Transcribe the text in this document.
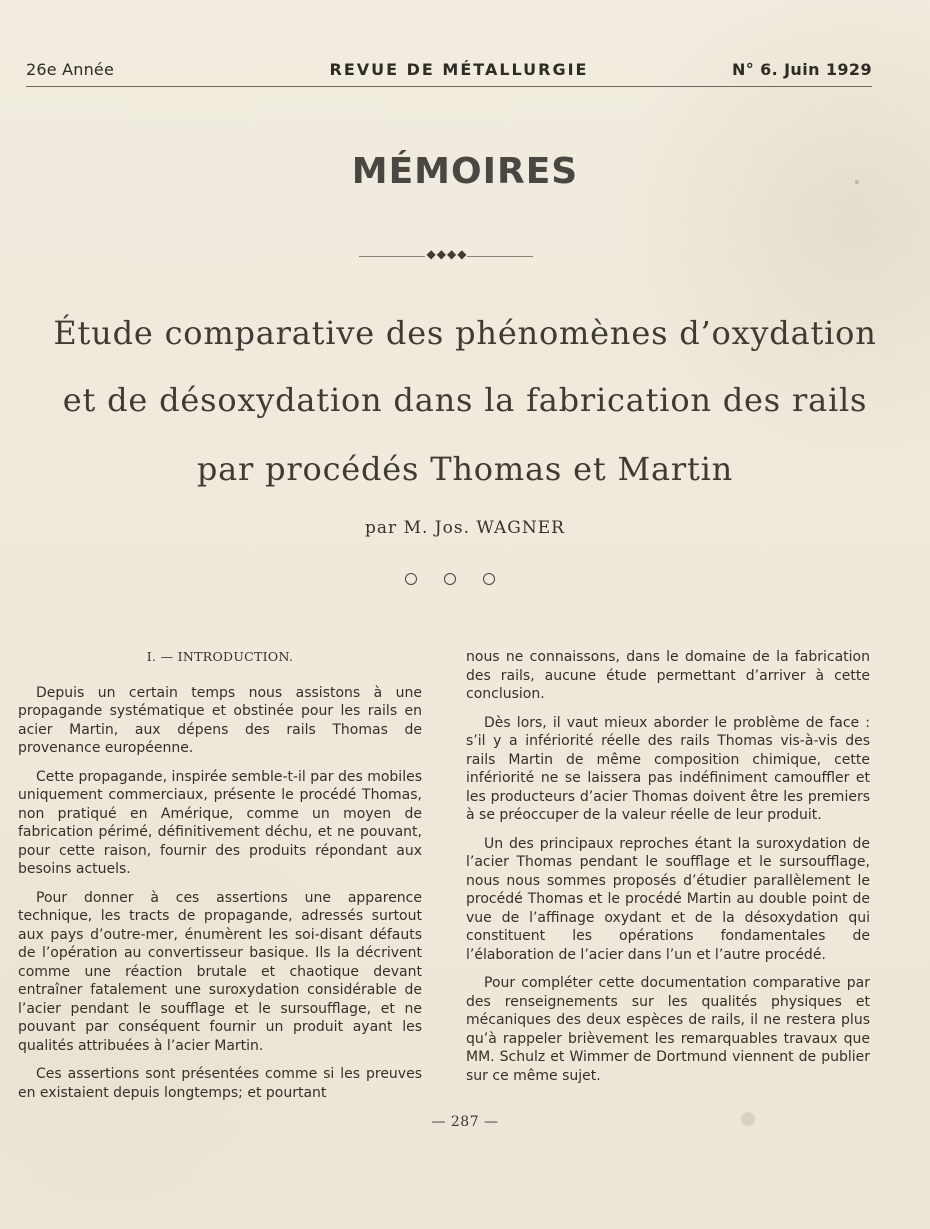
26e Année	REVUE DE MÉTALLURGIE	N° 6. Juin 1929
MÉMOIRES
◆◆◆◆
Étude comparative des phénomènes d’oxydation
et de désoxydation dans la fabrication des rails
par procédés Thomas et Martin
par M. Jos. WAGNER
I. — INTRODUCTION.

Depuis un certain temps nous assistons à une propagande systématique et obstinée pour les rails en acier Martin, aux dépens des rails Thomas de provenance européenne.

Cette propagande, inspirée semble-t-il par des mobiles uniquement commerciaux, présente le procédé Thomas, non pratiqué en Amérique, comme un moyen de fabrication périmé, définitivement déchu, et ne pouvant, pour cette raison, fournir des produits répondant aux besoins actuels.

Pour donner à ces assertions une apparence technique, les tracts de propagande, adressés surtout aux pays d’outre-mer, énumèrent les soi-disant défauts de l’opération au convertisseur basique. Ils la décrivent comme une réaction brutale et chaotique devant entraîner fatalement une suroxydation considérable de l’acier pendant le soufflage et le sursoufflage, et ne pouvant par conséquent fournir un produit ayant les qualités attribuées à l’acier Martin.

Ces assertions sont présentées comme si les preuves en existaient depuis longtemps; et pourtant

nous ne connaissons, dans le domaine de la fabrication des rails, aucune étude permettant d’arriver à cette conclusion.

Dès lors, il vaut mieux aborder le problème de face : s’il y a infériorité réelle des rails Thomas vis-à-vis des rails Martin de même composition chimique, cette infériorité ne se laissera pas indéfiniment camouffler et les producteurs d’acier Thomas doivent être les premiers à se préoccuper de la valeur réelle de leur produit.

Un des principaux reproches étant la suroxydation de l’acier Thomas pendant le soufflage et le sursoufflage, nous nous sommes proposés d’étudier parallèlement le procédé Thomas et le procédé Martin au double point de vue de l’affinage oxydant et de la désoxydation qui constituent les opérations fondamentales de l’élaboration de l’acier dans l’un et l’autre procédé.

Pour compléter cette documentation comparative par des renseignements sur les qualités physiques et mécaniques des deux espèces de rails, il ne restera plus qu’à rappeler brièvement les remarquables travaux que MM. Schulz et Wimmer de Dortmund viennent de publier sur ce même sujet.

— 287 —
